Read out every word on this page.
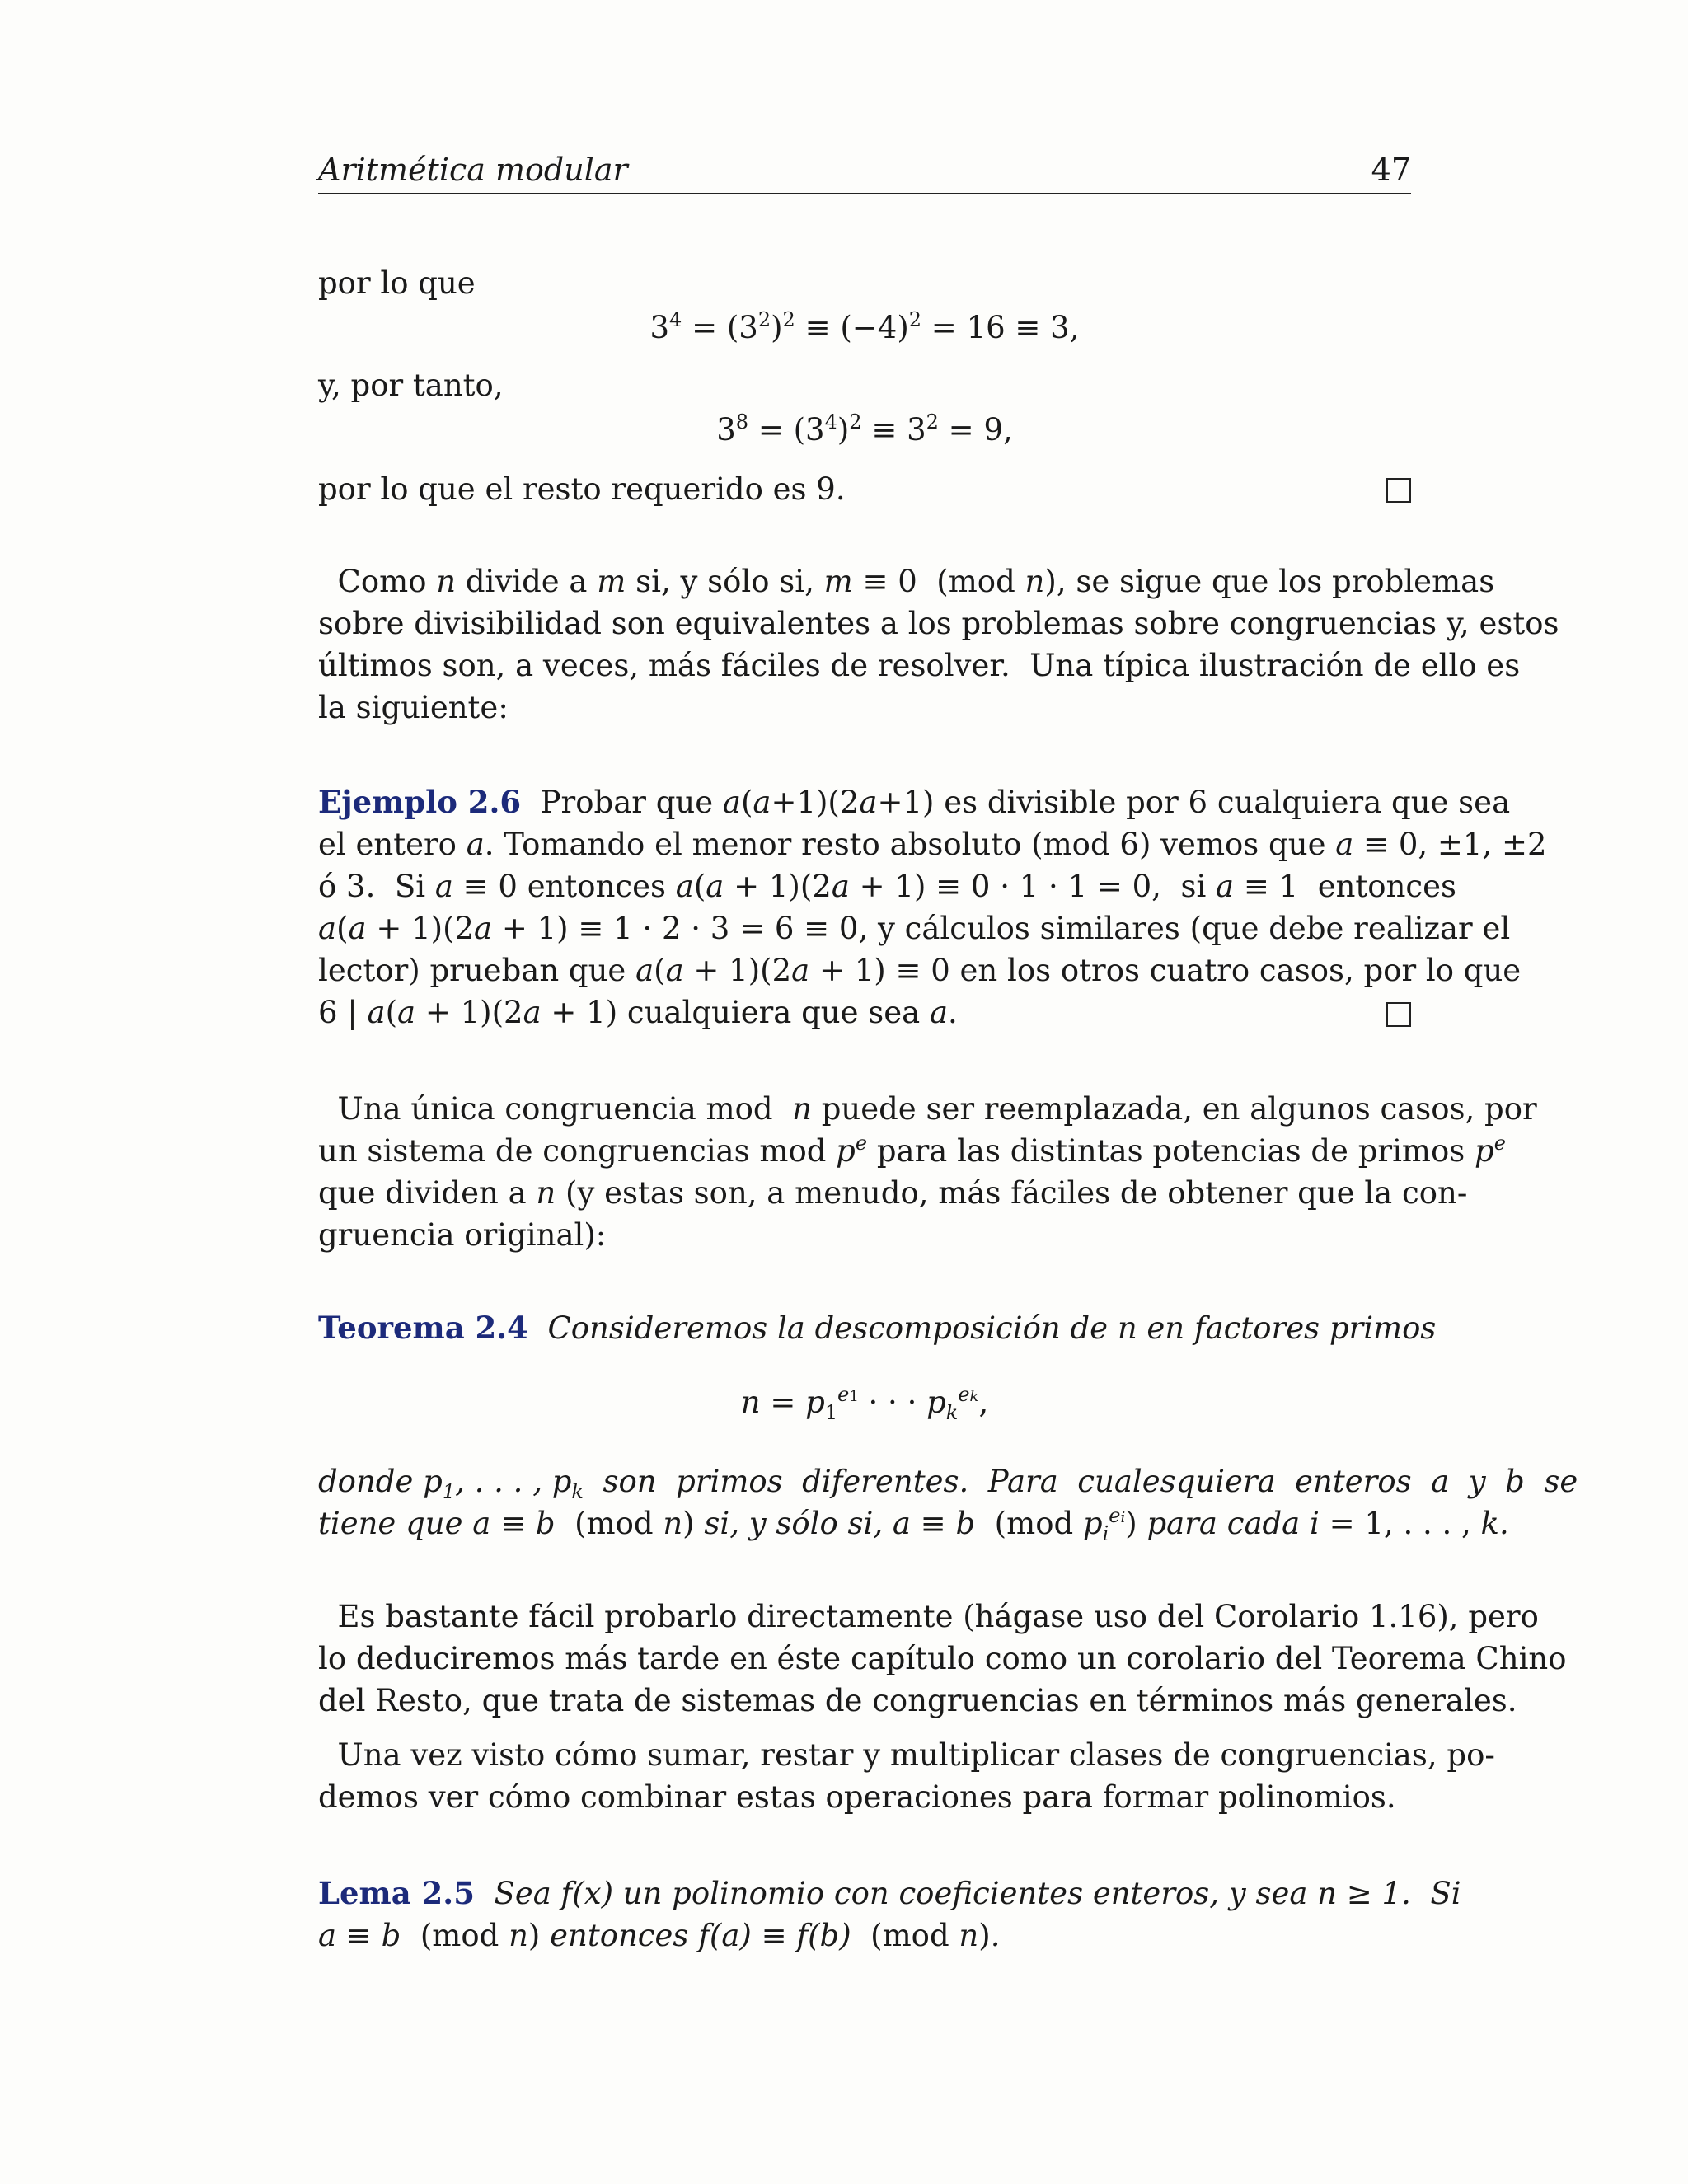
Aritmética modular	47
por lo que
$3^4 = (3^2)^2 \equiv (-4)^2 = 16 \equiv 3$,
y, por tanto,
$3^8 = (3^4)^2 \equiv 3^2 = 9$,
por lo que el resto requerido es 9.
Como n divide a m si, y sólo si, m ≡ 0  (mod n), se sigue que los problemas
sobre divisibilidad son equivalentes a los problemas sobre congruencias y, estos
últimos son, a veces, más fáciles de resolver.  Una típica ilustración de ello es
la siguiente:
Ejemplo 2.6  Probar que a(a+1)(2a+1) es divisible por 6 cualquiera que sea
el entero a. Tomando el menor resto absoluto (mod 6) vemos que a ≡ 0, ±1, ±2
ó 3.  Si a ≡ 0 entonces a(a + 1)(2a + 1) ≡ 0 · 1 · 1 = 0,  si a ≡ 1  entonces
a(a + 1)(2a + 1) ≡ 1 · 2 · 3 = 6 ≡ 0, y cálculos similares (que debe realizar el
lector) prueban que a(a + 1)(2a + 1) ≡ 0 en los otros cuatro casos, por lo que
6 | a(a + 1)(2a + 1) cualquiera que sea a.
Una única congruencia mod  n puede ser reemplazada, en algunos casos, por
un sistema de congruencias mod $p^e$ para las distintas potencias de primos $p^e$
que dividen a n (y estas son, a menudo, más fáciles de obtener que la con-
gruencia original):
Teorema 2.4 Consideremos la descomposición de n en factores primos
$n = p_1^{e1}$ · · · $p_k^{ek}$,
donde $p_1$, . . . , $p_k$  son  primos  diferentes.  Para  cualesquiera  enteros  a  y  b  se
tiene que a ≡ b (mod n) si, y sólo si, a ≡ b (mod $p_i^{ei}$) para cada i = 1, . . . , k.
Es bastante fácil probarlo directamente (hágase uso del Corolario 1.16), pero
lo deduciremos más tarde en éste capítulo como un corolario del Teorema Chino
del Resto, que trata de sistemas de congruencias en términos más generales.
Una vez visto cómo sumar, restar y multiplicar clases de congruencias, po-
demos ver cómo combinar estas operaciones para formar polinomios.
Lema 2.5 Sea f(x) un polinomio con coeficientes enteros, y sea n ≥ 1.  Si
a ≡ b (mod n) entonces f(a) ≡ f(b)  (mod n).
